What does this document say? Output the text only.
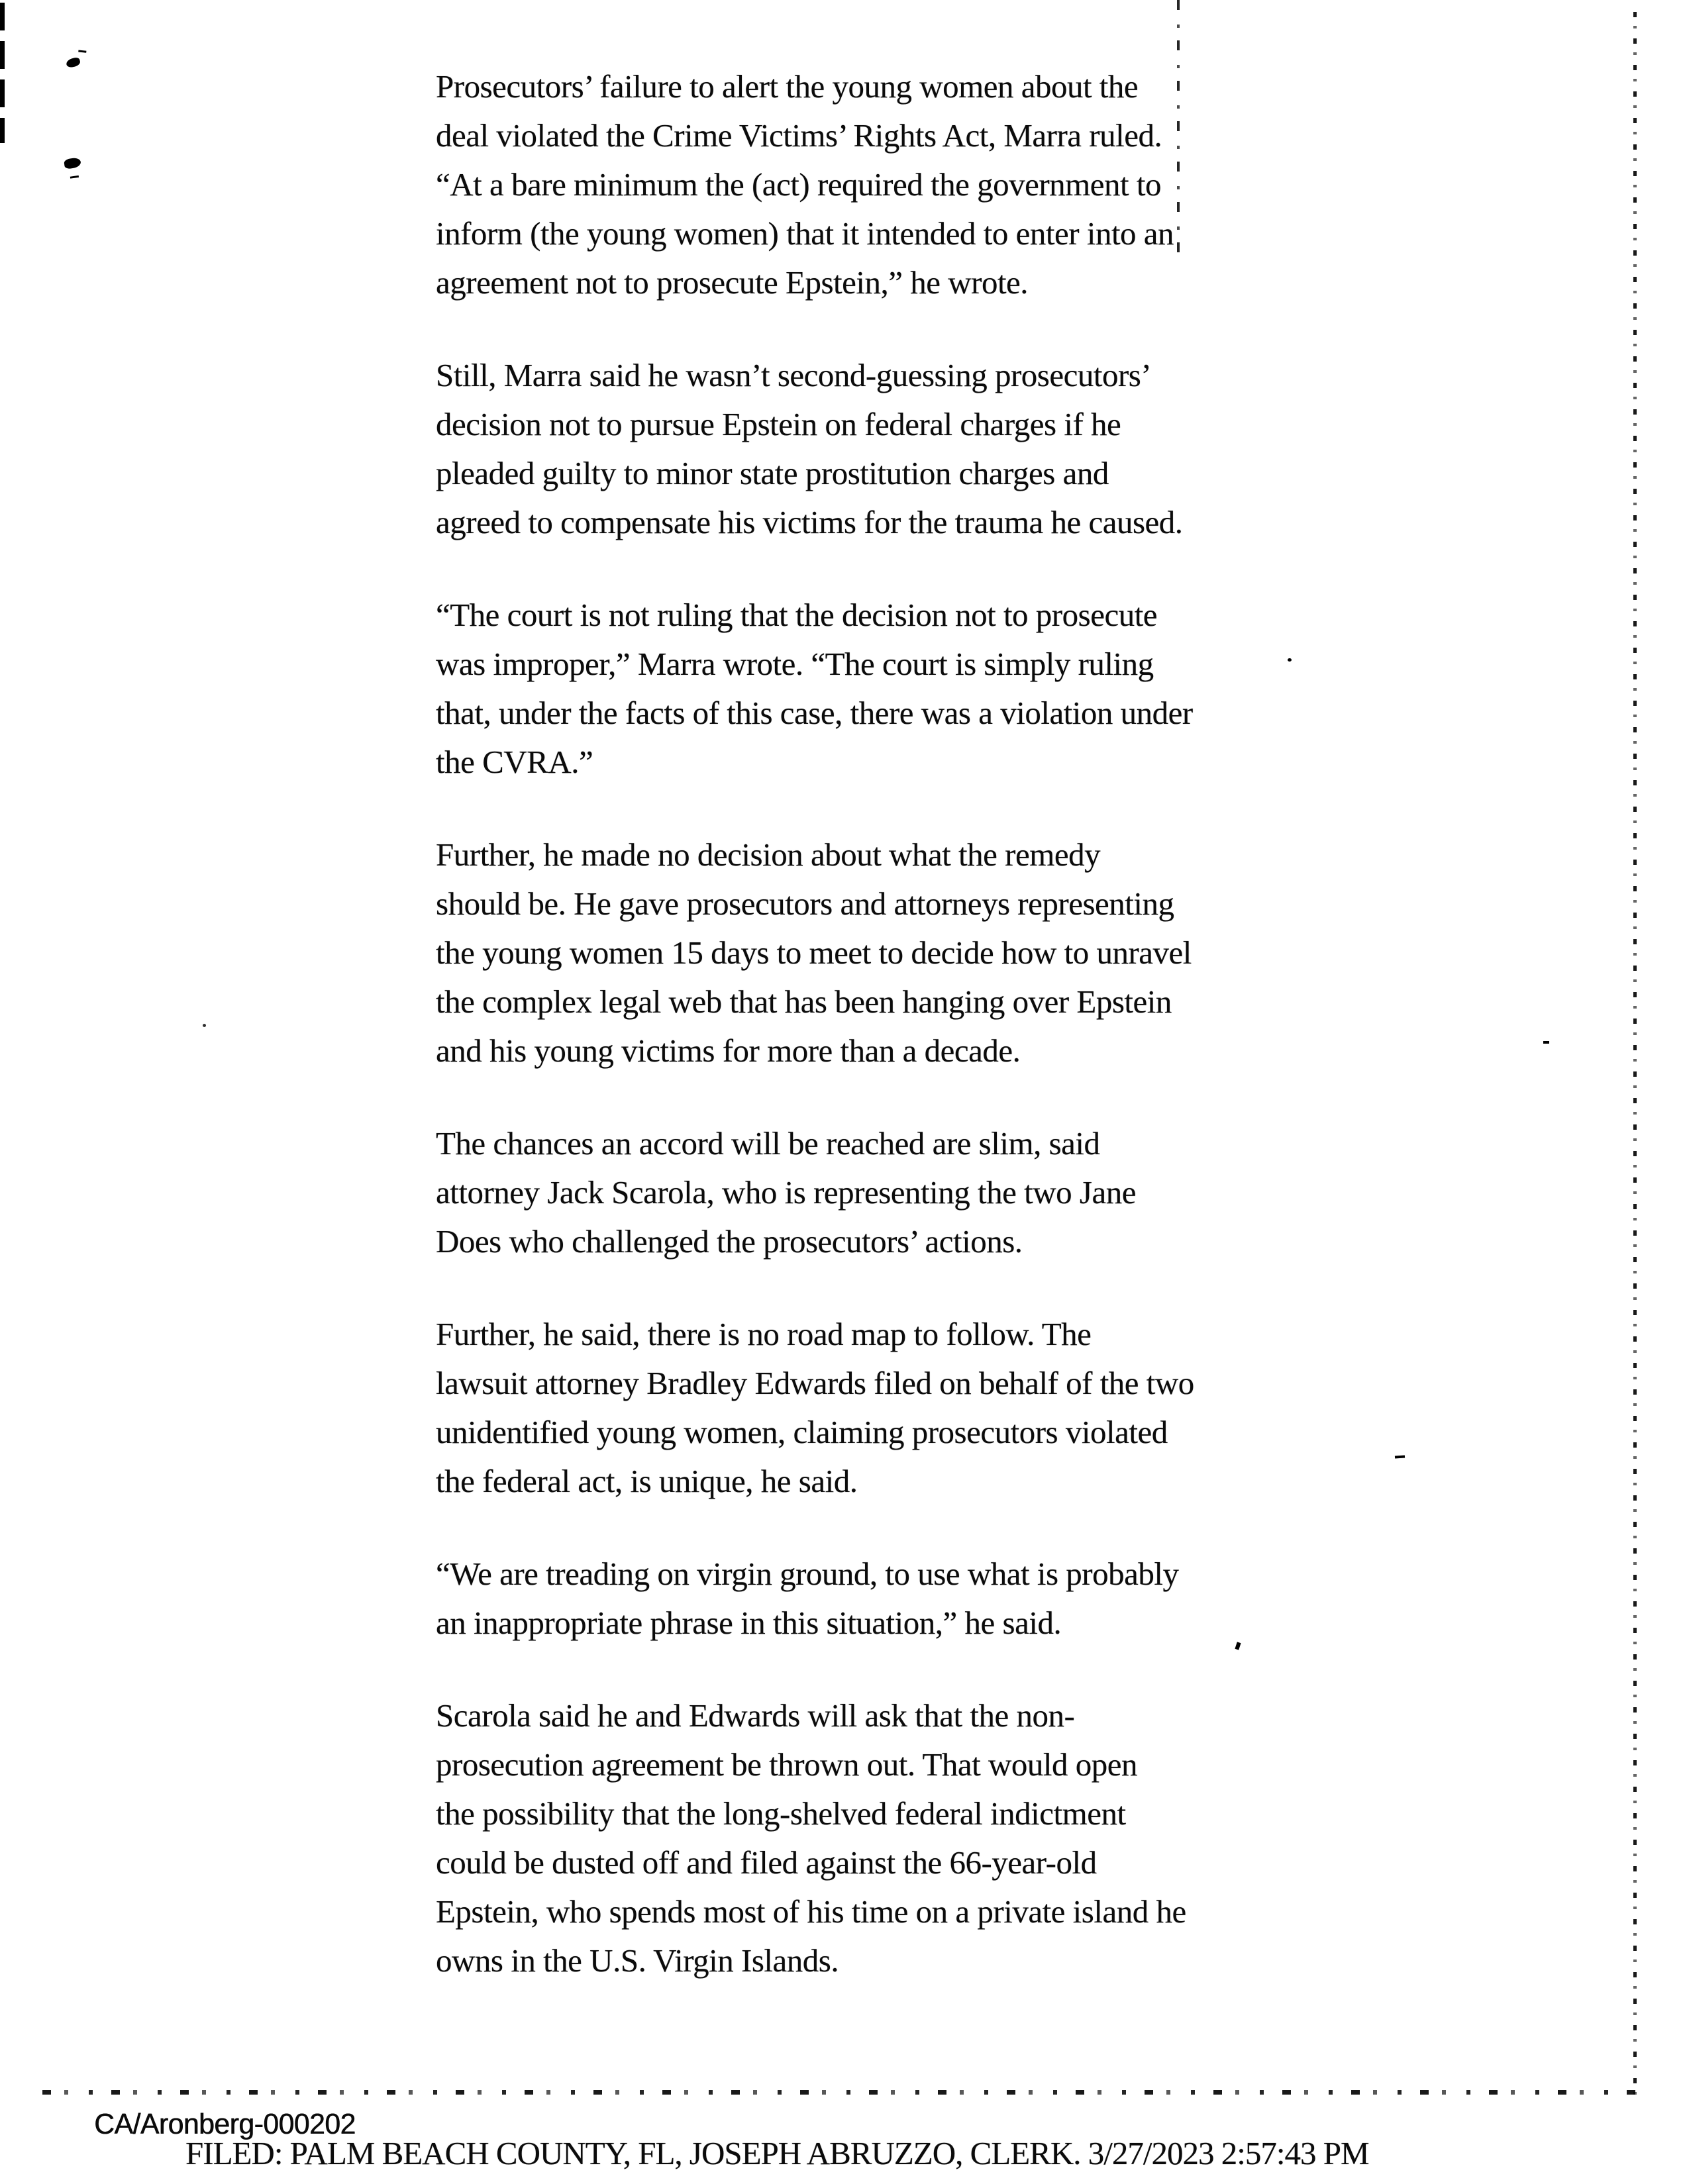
Prosecutors’ failure to alert the young women about the
deal violated the Crime Victims’ Rights Act, Marra ruled.
“At a bare minimum the (act) required the government to
inform (the young women) that it intended to enter into an
agreement not to prosecute Epstein,” he wrote.

Still, Marra said he wasn’t second-guessing prosecutors’
decision not to pursue Epstein on federal charges if he
pleaded guilty to minor state prostitution charges and
agreed to compensate his victims for the trauma he caused.

“The court is not ruling that the decision not to prosecute
was improper,” Marra wrote. “The court is simply ruling
that, under the facts of this case, there was a violation under
the CVRA.”

Further, he made no decision about what the remedy
should be. He gave prosecutors and attorneys representing
the young women 15 days to meet to decide how to unravel
the complex legal web that has been hanging over Epstein
and his young victims for more than a decade.

The chances an accord will be reached are slim, said
attorney Jack Scarola, who is representing the two Jane
Does who challenged the prosecutors’ actions.

Further, he said, there is no road map to follow. The
lawsuit attorney Bradley Edwards filed on behalf of the two
unidentified young women, claiming prosecutors violated
the federal act, is unique, he said.

“We are treading on virgin ground, to use what is probably
an inappropriate phrase in this situation,” he said.

Scarola said he and Edwards will ask that the non-
prosecution agreement be thrown out. That would open
the possibility that the long-shelved federal indictment
could be dusted off and filed against the 66-year-old
Epstein, who spends most of his time on a private island he
owns in the U.S. Virgin Islands.

CA/Aronberg-000202
FILED: PALM BEACH COUNTY, FL, JOSEPH ABRUZZO, CLERK. 3/27/2023 2:57:43 PM
